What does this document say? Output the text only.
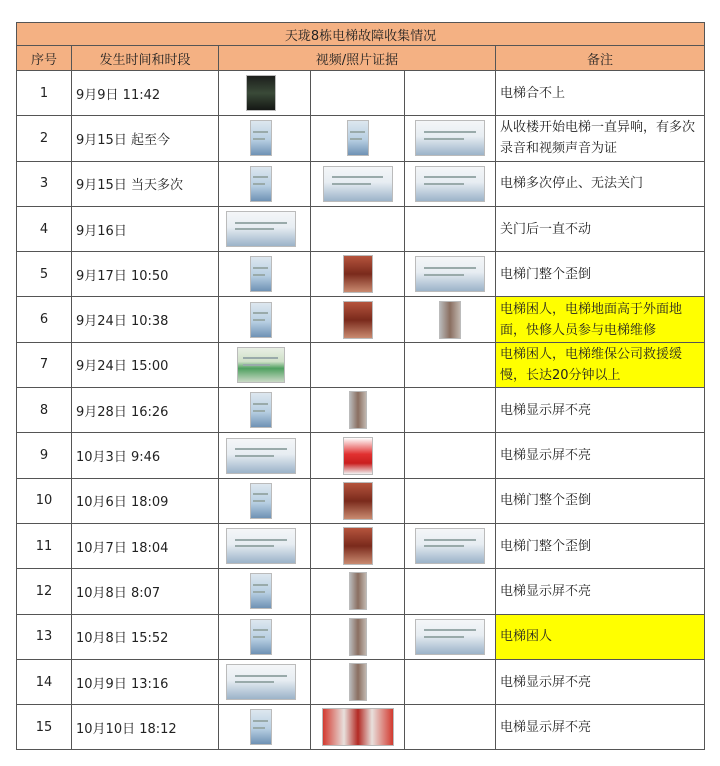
天珑8栋电梯故障收集情况					
序号	发生时间和时段	视频/照片证据			备注
1	9月9日 11:42				电梯合不上
2	9月15日 起至今				从收楼开始电梯一直异响，有多次录音和视频声音为证
3	9月15日 当天多次				电梯多次停止、无法关门
4	9月16日				关门后一直不动
5	9月17日 10:50				电梯门整个歪倒
6	9月24日 10:38				电梯困人，电梯地面高于外面地面，快修人员参与电梯维修
7	9月24日 15:00				电梯困人，电梯维保公司救援缓慢，长达20分钟以上
8	9月28日 16:26				电梯显示屏不亮
9	10月3日 9:46				电梯显示屏不亮
10	10月6日 18:09				电梯门整个歪倒
11	10月7日 18:04				电梯门整个歪倒
12	10月8日 8:07				电梯显示屏不亮
13	10月8日 15:52				电梯困人
14	10月9日 13:16				电梯显示屏不亮
15	10月10日 18:12				电梯显示屏不亮
